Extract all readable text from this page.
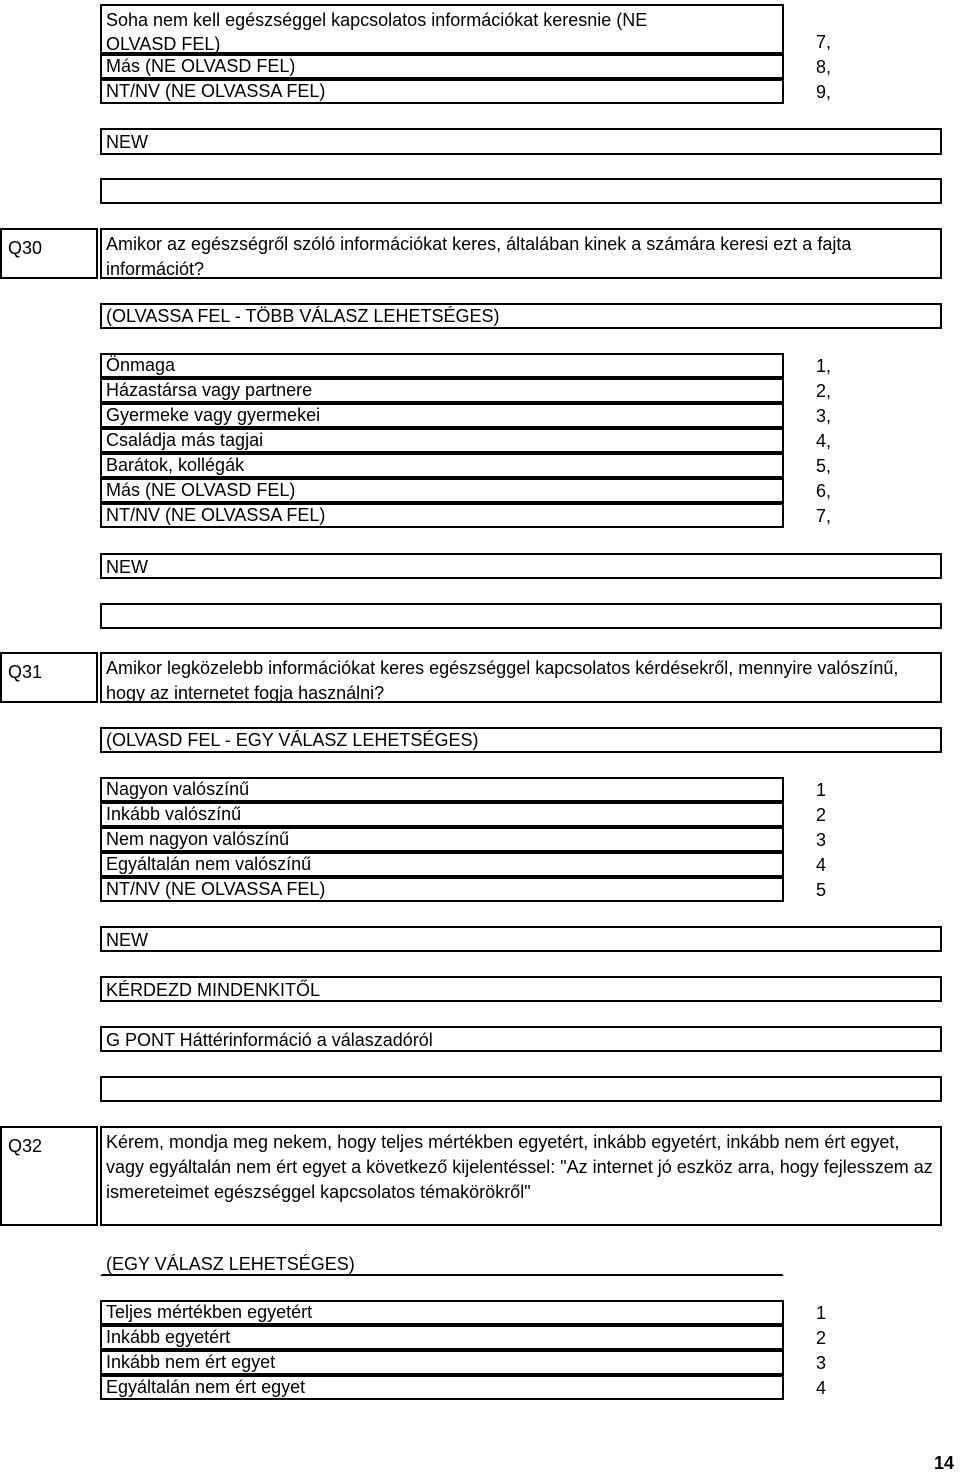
Soha nem kell egészséggel kapcsolatos információkat keresnie (NE
OLVASD FEL)	7,
Más (NE OLVASD FEL)	8,
NT/NV (NE OLVASSA FEL)	9,
NEW
Q30	Amikor az egészségről szóló információkat keres, általában kinek a számára keresi ezt a fajta információt?
(OLVASSA FEL - TÖBB VÁLASZ LEHETSÉGES)
Önmaga	1,
Házastársa vagy partnere	2,
Gyermeke vagy gyermekei	3,
Családja más tagjai	4,
Barátok, kollégák	5,
Más (NE OLVASD FEL)	6,
NT/NV (NE OLVASSA FEL)	7,
NEW
Q31	Amikor legközelebb információkat keres egészséggel kapcsolatos kérdésekről, mennyire valószínű, hogy az internetet fogja használni?
(OLVASD FEL - EGY VÁLASZ LEHETSÉGES)
Nagyon valószínű	1
Inkább valószínű	2
Nem nagyon valószínű	3
Egyáltalán nem valószínű	4
NT/NV (NE OLVASSA FEL)	5
NEW
KÉRDEZD MINDENKITŐL
G PONT Háttérinformáció a válaszadóról
Q32	Kérem, mondja meg nekem, hogy teljes mértékben egyetért, inkább egyetért, inkább nem ért egyet, vagy egyáltalán nem ért egyet a következő kijelentéssel: "Az internet jó eszköz arra, hogy fejlesszem az ismereteimet egészséggel kapcsolatos témakörökről"
(EGY VÁLASZ LEHETSÉGES)
Teljes mértékben egyetért	1
Inkább egyetért	2
Inkább nem ért egyet	3
Egyáltalán nem ért egyet	4
14
